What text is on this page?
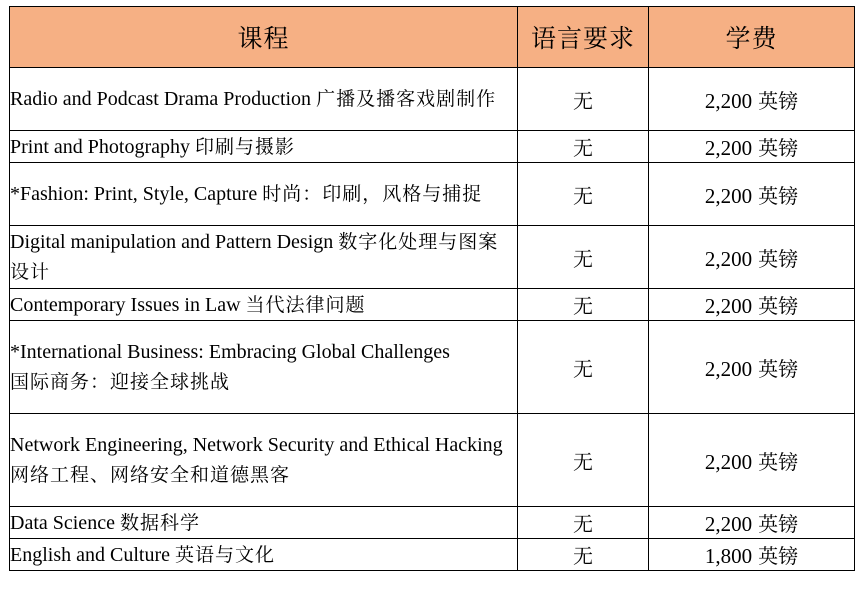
课程	语言要求	学费
Radio and Podcast Drama Production 广播及播客戏剧制作	无	2,200 英镑
Print and Photography 印刷与摄影	无	2,200 英镑
*Fashion: Print, Style, Capture 时尚：印刷，风格与捕捉	无	2,200 英镑
Digital manipulation and Pattern Design 数字化处理与图案设计	无	2,200 英镑
Contemporary Issues in Law 当代法律问题	无	2,200 英镑
*International Business: Embracing Global Challenges
国际商务：迎接全球挑战	无	2,200 英镑
Network Engineering, Network Security and Ethical Hacking
网络工程、网络安全和道德黑客	无	2,200 英镑
Data Science 数据科学	无	2,200 英镑
English and Culture 英语与文化	无	1,800 英镑
